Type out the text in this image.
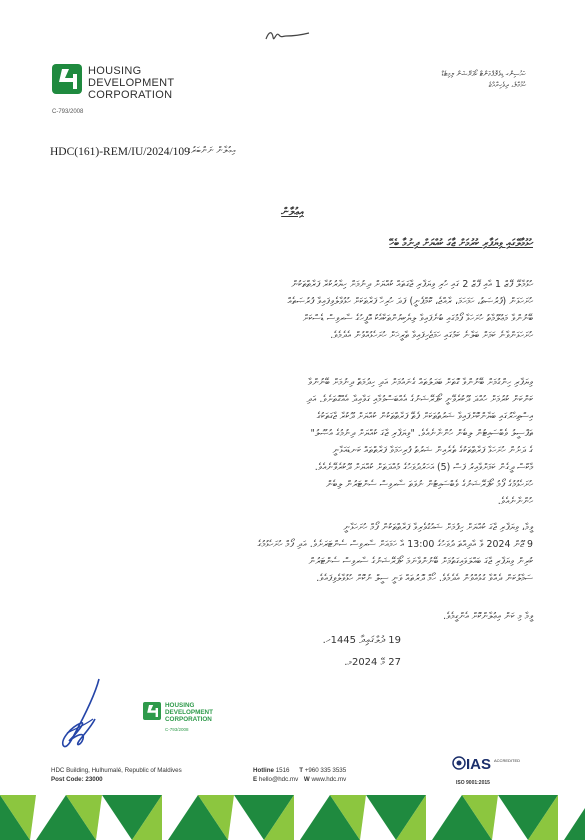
HOUSING
DEVELOPMENT
CORPORATION
C-793/2008
ހައުސިންގ ޑިވެލޮޕްމަންޓް ކޯޕަރޭޝަން ލިމިޓެޑް
ހުޅުމާލެ، ދިވެހިރާއްޖެ
HDC(161)-REM/IU/2024/109
އިޢުލާން ނަންބަރު:
އިޢުލާން
ހުޅުމާލޭގައި ވިޔަފާރި ކުރުމަށް ޖާގަ ކުއްޔަށް ދިނުމާ ބެހޭ
ހުޅުމާލޭ ފޭޒް 1 އާއި ފޭޒް 2 ގައި ހުރި ވިޔަފާރި ޖާގަތައް ކުއްޔަށް ދިނުމަށް ހިޔާރުކުރާ ފަރާތްތަކުން
ހުށަހަޅަން (ފުރުޞަތު، ހަމަހަމަ، ރާއްޖެ، ކޮމްޕެނީ) ފަދަ ހުރިހާ ފަރާތަކަށް ހުޅުވާލެވިފައިވާ ފުރުޞަތެއް
ބޭނުންވާ މަޢުލޫމާތު ހުށަހަޅާ ފޯމުގައި ބުނެފައިވާ ލިޔެކިޔުންތަކާއެކު އޮފީހުގެ ސާރވިސް ޑެސްކަށް
ހުށަހަޅަންވާނެ ކަމަށް ބަލާނެ ކަމުގައި ހަމަޖެހިފައިވާ ތާރީޚަށް ހުށަހެޅުއްވުން އެދެމެވެ.
ވިޔަފާރި ހިންގުމަށް ބޭނުންވާ ގޮތަށް ބަދަލުތައް ގެނައުމަށް އަދި ހިދުމަތް ދިނުމަށް ބޭނުންވާ
ކަންކަން ކުރުމަށް ހުއްދަ ދޫކުރެވޭނީ ކޯޕަރޭޝަނުގެ އެއްބަސްވުމާއި ގަވާއިދާ އެއްގޮތަށެވެ. އަދި
އިސްތިހާރުގައި ބަޔާންކޮށްފައިވާ ޝަރުތުތަކަށް ފެތޭ ފަރާތްތަކުން ކުއްޔަށް ދޫކުރާ ޖާގަތަކުގެ
ތަފްސީލު ވެބްސައިޓުން ލިބެން ހުންނާނެއެވެ. "ވިޔަފާރި ޖާގަ ކުއްޔަށް ދިނުމުގެ އުޞޫލު"
ގެ ދަށުން ހުށަހަޅާ ފަރާތްތަކުގެ ތެރެއިން ޝަރުތު ފުރިހަމަވާ ފަރާތްތައް ކަނޑައަޅާނީ
މާކްސް ދީގެން ކަމަށްވާއިރު ފަސް (5) އަހަރުދުވަހުގެ މުއްދަތަށް ކުއްޔަށް ދޫކުރެވޭނެއެވެ.
ހުށަހެޅުމުގެ ފޯމު ކޯޕަރޭޝަނުގެ ވެބްސައިޓުން ނުވަތަ ސާރވިސް ސެންޓަރުން ލިބެން
ހުންނާނެއެވެ.
ވީމާ، ވިޔަފާރި ޖާގަ ކުއްޔަށް ހިފުމަށް ޝައުގުވެރިވާ ފަރާތްތަކުން ފޯމް ހުށަހަޅާނީ
9 ޖޫން 2024 ވާ އާދިއްތަ ދުވަހުގެ 13:00 އާ ހަމައަށް ސާރވިސް ސެންޓަރަށެވެ. އަދި ފޯމް ހުށަހެޅުމުގެ
ކުރިން ވިޔަފާރި ޖާގަ ބައްލަވައިގަތުމަށް ބޭނުންވާނަމަ ކޯޕަރޭޝަނުގެ ސާރވިސް ސެންޓަރުން
ސަމާލުކަން ދެއްވާ ގުޅުއްވުން އެދެމެވެ. ހޯމް ދޮރުތައް ވަނީ ސީލް ނުކޮށް ހުޅުވާލެވިފައެވެ.
ވީމާ މި ކަން އިޢުލާންކޮށް އެންގީމެވެ.
19 ޛުލްޤަޢިދާ 1445ހ.
27 މޭ 2024މ.
HOUSING
DEVELOPMENT
CORPORATION
C-793/2008
HDC Building, Hulhumalé, Republic of Maldives
Post Code: 23000
Hotline 1516 T +960 335 3535
E hello@hdc.mv W www.hdc.mv
IAS ACCREDITED
ISO 9001:2015
